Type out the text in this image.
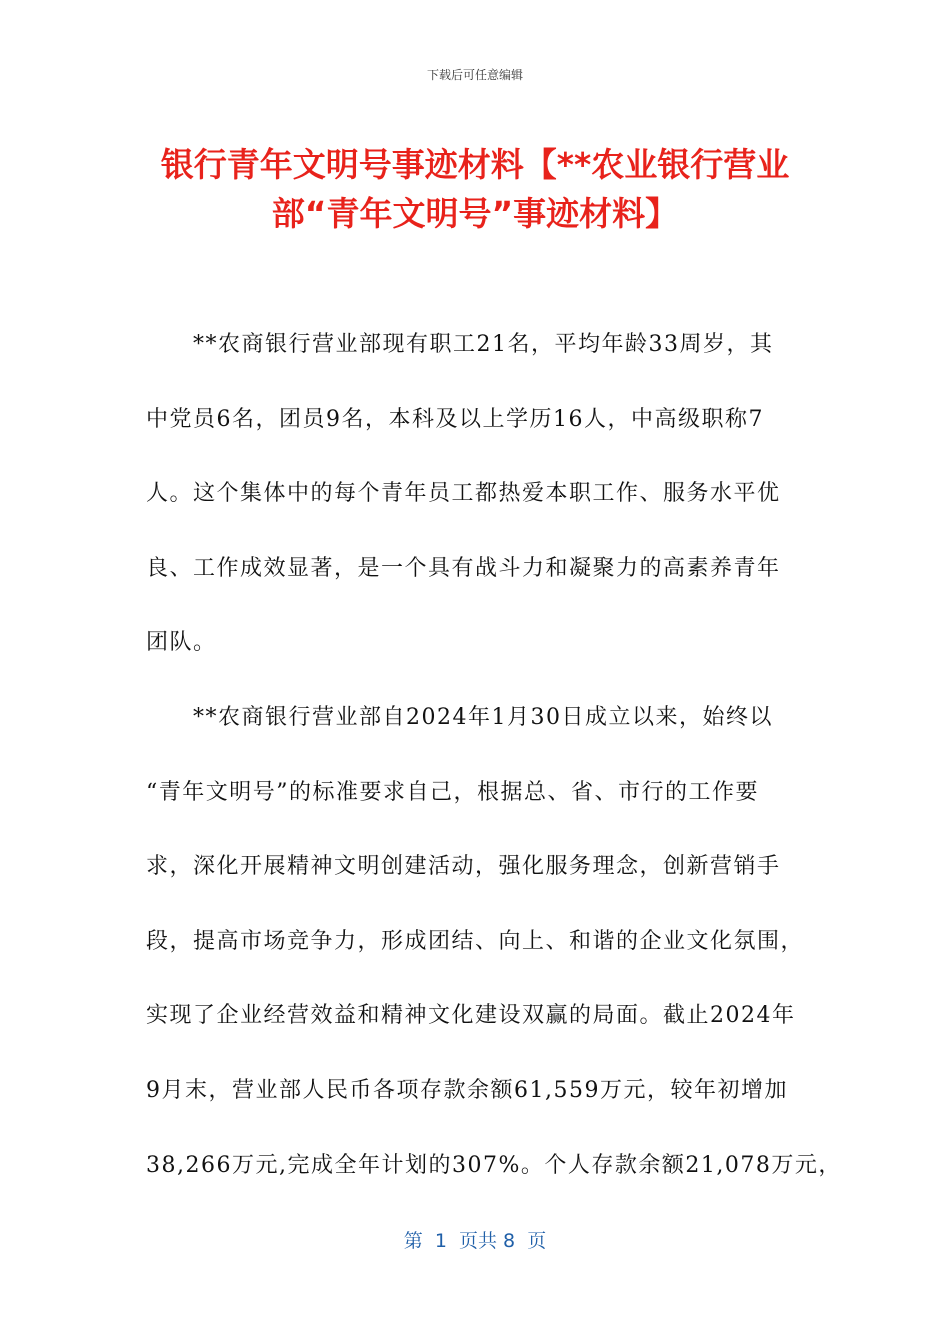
下载后可任意编辑
银行青年文明号事迹材料【**农业银行营业
部“青年文明号”事迹材料】
　　**农商银行营业部现有职工21名，平均年龄33周岁，其
中党员6名，团员9名，本科及以上学历16人，中高级职称7
人。这个集体中的每个青年员工都热爱本职工作、服务水平优
良、工作成效显著，是一个具有战斗力和凝聚力的高素养青年
团队。
　　**农商银行营业部自2024年1月30日成立以来，始终以
“青年文明号”的标准要求自己，根据总、省、市行的工作要
求，深化开展精神文明创建活动，强化服务理念，创新营销手
段，提高市场竞争力，形成团结、向上、和谐的企业文化氛围，
实现了企业经营效益和精神文化建设双赢的局面。截止2024年
9月末，营业部人民币各项存款余额61,559万元，较年初增加
38,266万元,完成全年计划的307%。个人存款余额21,078万元，
第  1  页共 8  页
